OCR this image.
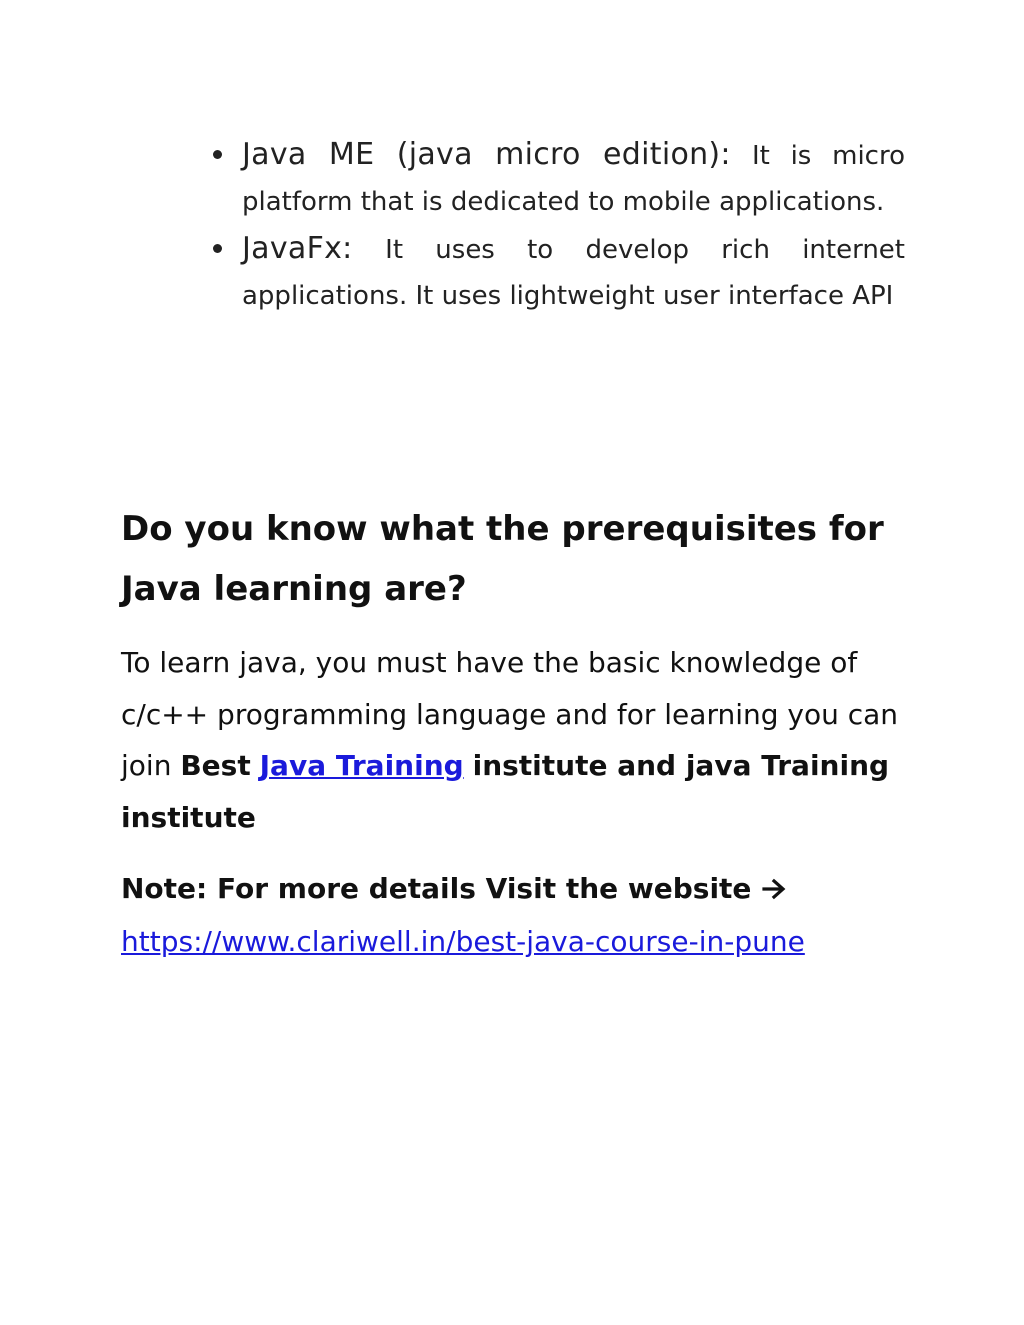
Java ME (java micro edition): It is micro platform that is dedicated to mobile applications.
JavaFx: It uses to develop rich internet applications. It uses lightweight user interface API
Do you know what the prerequisites for Java learning are?

To learn java, you must have the basic knowledge of c/c++ programming language and for learning you can join Best Java Training institute and java Training institute

Note: For more details Visit the website
https://www.clariwell.in/best-java-course-in-pune
